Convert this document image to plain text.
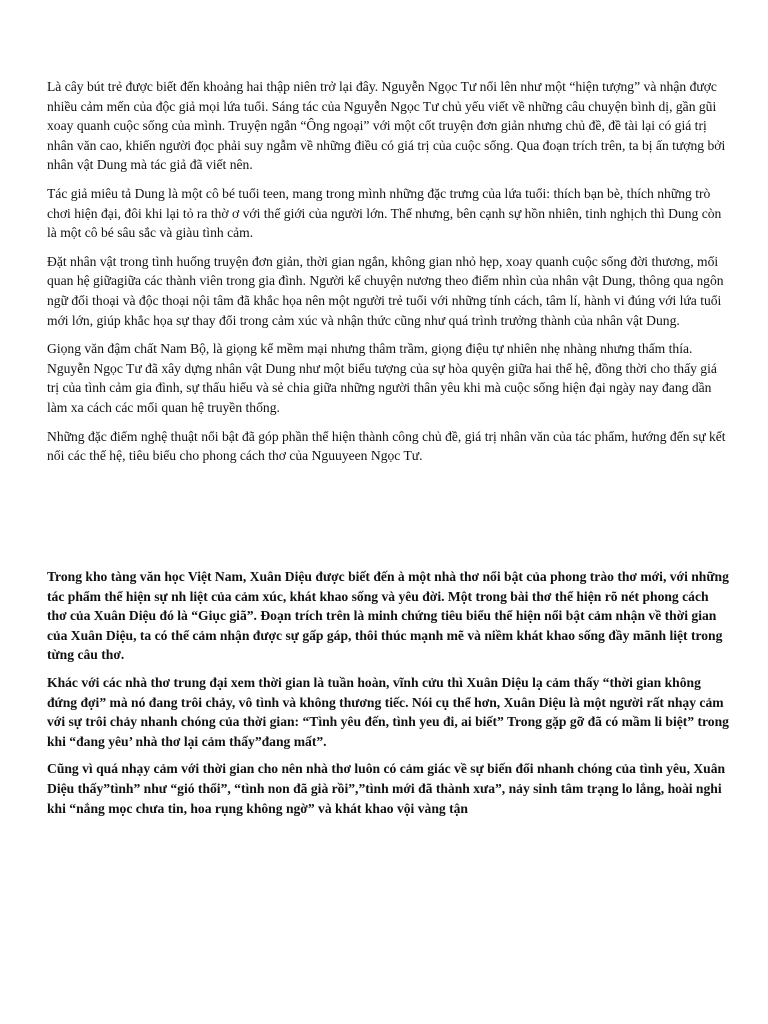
Là cây bút trẻ được biết đến khoảng hai thập niên trở lại đây. Nguyễn Ngọc Tư nổi lên như một “hiện tượng” và nhận được nhiều cảm mến của độc giả mọi lứa tuổi. Sáng tác của Nguyễn Ngọc Tư chủ yếu viết về những câu chuyện bình dị, gần gũi xoay quanh cuộc sống của mình. Truyện ngắn “Ông ngoại” với một cốt truyện đơn giản nhưng chủ đề, đề tài lại có giá trị nhân văn cao, khiến người đọc phải suy ngẫm về những điều có giá trị của cuộc sống. Qua đoạn trích trên, ta bị ấn tượng bởi nhân vật Dung mà tác giả đã viết nên.

Tác giả miêu tả Dung là một cô bé tuổi teen, mang trong mình những đặc trưng của lứa tuổi: thích bạn bè, thích những trò chơi hiện đại, đôi khi lại tỏ ra thờ ơ với thế giới của người lớn. Thế nhưng, bên cạnh sự hồn nhiên, tinh nghịch thì Dung còn là một cô bé sâu sắc và giàu tình cảm.

Đặt nhân vật trong tình huống truyện đơn giản, thời gian ngắn, không gian nhỏ hẹp, xoay quanh cuộc sống đời thương, mối quan hệ giữagiữa các thành viên trong gia đình. Người kể chuyện nương theo điểm nhìn của nhân vật Dung, thông qua ngôn ngữ đối thoại và độc thoại nội tâm đã khắc họa nên một người trẻ tuổi với những tính cách, tâm lí, hành vi đúng với lứa tuổi mới lớn, giúp khắc họa sự thay đổi trong cảm xúc và nhận thức cũng như quá trình trưởng thành của nhân vật Dung.

Giọng văn đậm chất Nam Bộ, là giọng kể mềm mại nhưng thâm trầm, giọng điệu tự nhiên nhẹ nhàng nhưng thấm thía. Nguyễn Ngọc Tư đã xây dựng nhân vật Dung như một biểu tượng của sự hòa quyện giữa hai thế hệ, đồng thời cho thấy giá trị của tình cảm gia đình, sự thấu hiểu và sẻ chia giữa những người thân yêu khi mà cuộc sống hiện đại ngày nay đang dần làm xa cách các mối quan hệ truyền thống.

Những đặc điểm nghệ thuật nổi bật đã góp phần thể hiện thành công chủ đề, giá trị nhân văn của tác phẩm, hướng đến sự kết nối các thế hệ, tiêu biểu cho phong cách thơ của Nguuyeen Ngọc Tư.

Trong kho tàng văn học Việt Nam, Xuân Diệu được biết đến à một nhà thơ nổi bật của phong trào thơ mới, với những tác phẩm thể hiện sự nh liệt của cảm xúc, khát khao sống và yêu đời. Một trong bài thơ thể hiện rõ nét phong cách thơ của Xuân Diệu đó là “Giục giã”. Đoạn trích trên là minh chứng tiêu biểu thể hiện nổi bật cảm nhận về thời gian của Xuân Diệu, ta có thể cảm nhận được sự gấp gáp, thôi thúc mạnh mẽ và niềm khát khao sống đầy mãnh liệt trong từng câu thơ.

Khác với các nhà thơ trung đại xem thời gian là tuần hoàn, vĩnh cửu thì Xuân Diệu lạ cảm thấy “thời gian không đứng đợi” mà nó đang trôi chảy, vô tình và không thương tiếc. Nói cụ thể hơn, Xuân Diệu là một người rất nhạy cảm với sự trôi chảy nhanh chóng của thời gian: “Tình yêu đến, tình yeu đi, ai biết” Trong gặp gỡ đã có mầm li biệt” trong khi “đang yêu’ nhà thơ lại cảm thấy”đang mất”.

Cũng vì quá nhạy cảm với thời gian cho nên nhà thơ luôn có cảm giác về sự biến đổi nhanh chóng của tình yêu, Xuân Diệu thấy”tình” như “gió thổi”, “tình non đã già rồi”,”tình mới đã thành xưa”, nảy sinh tâm trạng lo lắng, hoài nghi khi “nắng mọc chưa tin, hoa rụng không ngờ” và khát khao vội vàng tận
